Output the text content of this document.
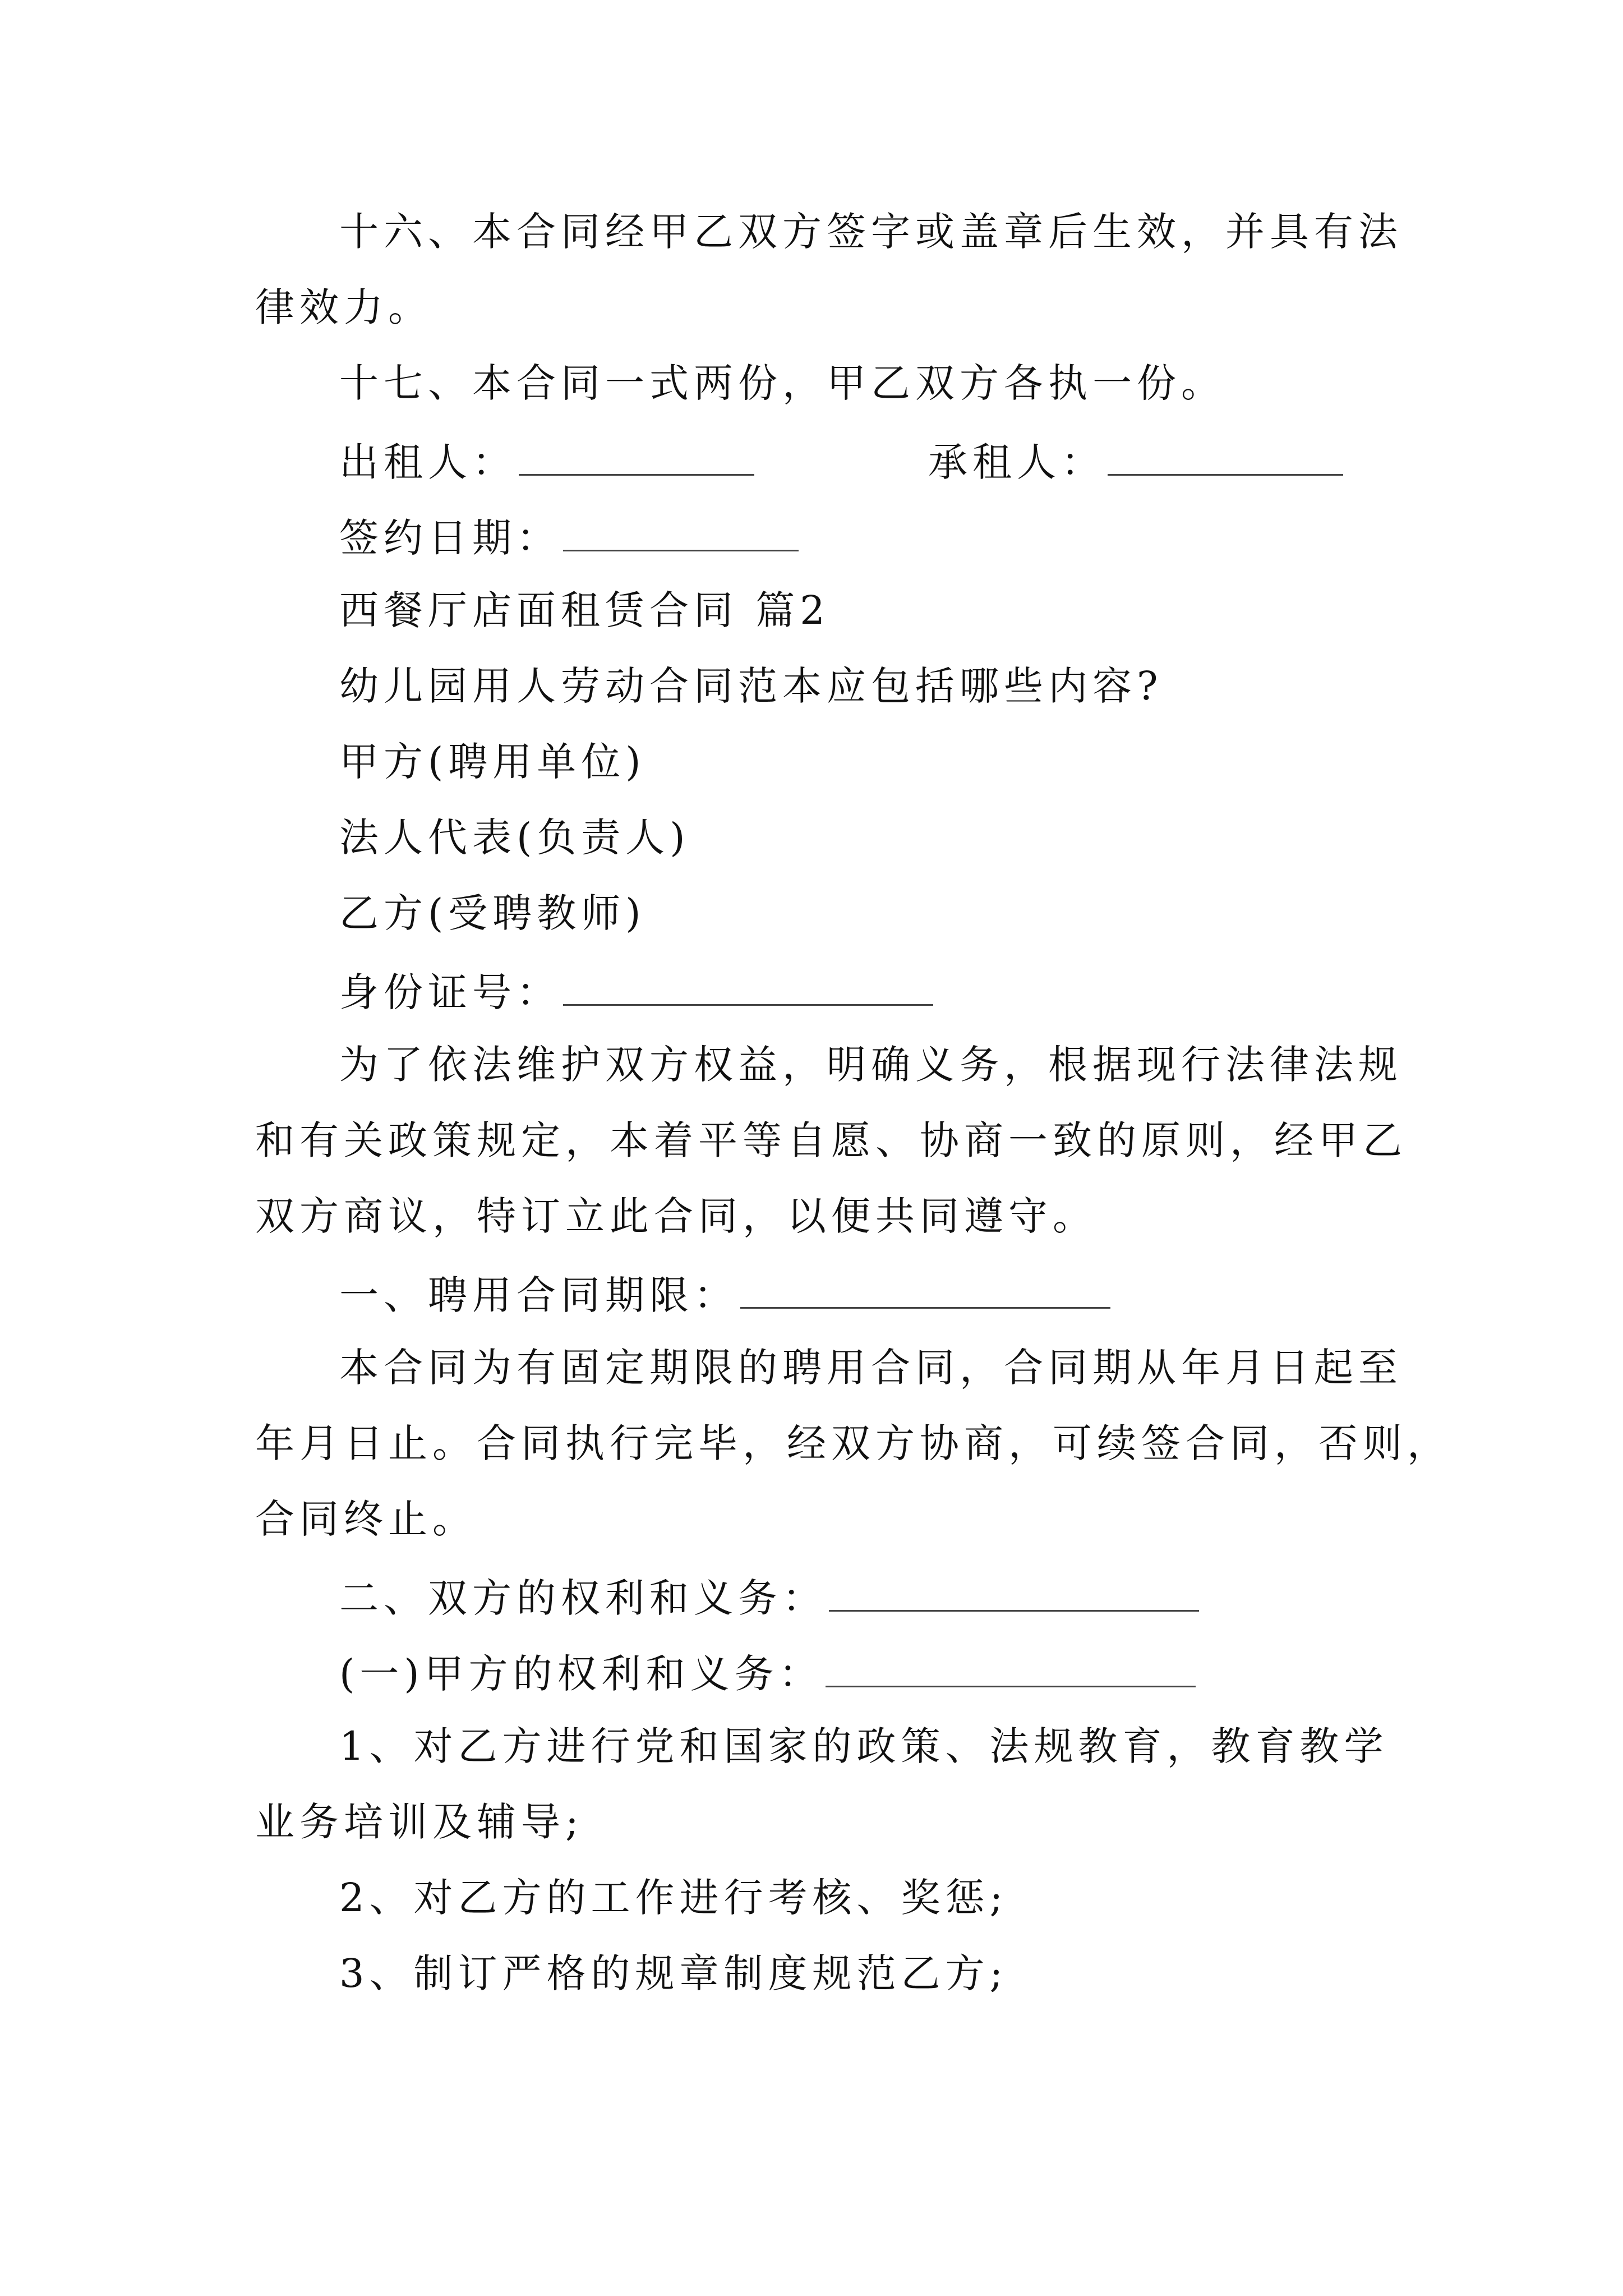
十六、本合同经甲乙双方签字或盖章后生效，并具有法
律效力。
十七、本合同一式两份，甲乙双方各执一份。
出租人：	承租人：
签约日期：
西餐厅店面租赁合同 篇2
幼儿园用人劳动合同范本应包括哪些内容?
甲方(聘用单位)
法人代表(负责人)
乙方(受聘教师)
身份证号：
为了依法维护双方权益，明确义务，根据现行法律法规
和有关政策规定，本着平等自愿、协商一致的原则，经甲乙
双方商议，特订立此合同，以便共同遵守。
一、聘用合同期限：
本合同为有固定期限的聘用合同，合同期从年月日起至
年月日止。合同执行完毕，经双方协商，可续签合同，否则，
合同终止。
二、双方的权利和义务：
(一)甲方的权利和义务：
1、对乙方进行党和国家的政策、法规教育，教育教学
业务培训及辅导;
2、对乙方的工作进行考核、奖惩;
3、制订严格的规章制度规范乙方;
